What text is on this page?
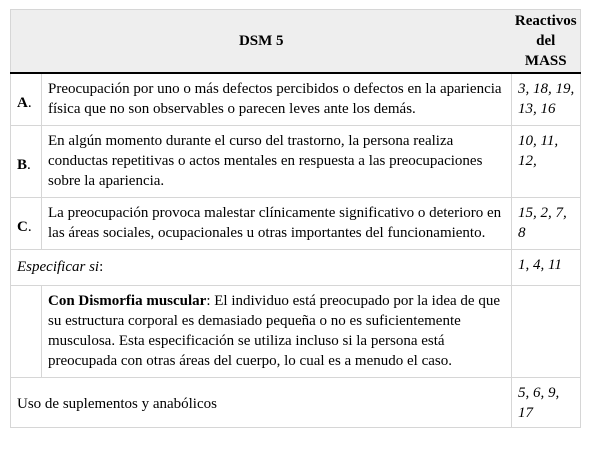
DSM 5		Reactivos
del
MASS

A.	Preocupación por uno o más defectos percibidos o defectos en la apariencia física que no son observables o parecen leves ante los demás.	3, 18, 19, 13, 16
B.	En algún momento durante el curso del trastorno, la persona realiza conductas repetitivas o actos mentales en respuesta a las preocupaciones sobre la apariencia.	10, 11, 12,
C.	La preocupación provoca malestar clínicamente significativo o deterioro en las áreas sociales, ocupacionales u otras importantes del funcionamiento.	15, 2, 7, 8
Especificar si:		1, 4, 11
	Con Dismorfia muscular: El individuo está preocupado por la idea de que su estructura corporal es demasiado pequeña o no es suficientemente musculosa. Esta especificación se utiliza incluso si la persona está preocupada con otras áreas del cuerpo, lo cual es a menudo el caso.	
Uso de suplementos y anabólicos		5, 6, 9, 17
